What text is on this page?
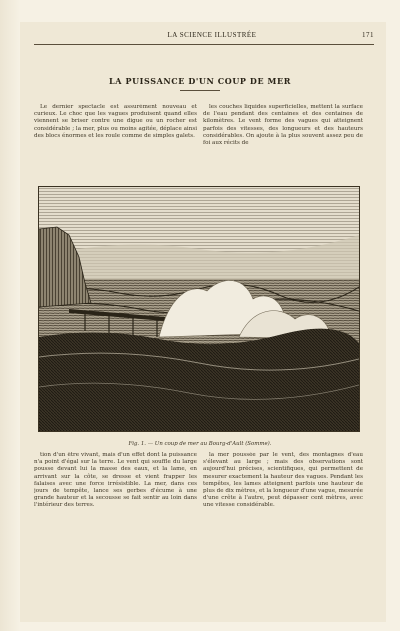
LA SCIENCE ILLUSTRÉE	171
LA PUISSANCE D'UN COUP DE MER

Le dernier spectacle est assurément nouveau et curieux. Le choc que les vagues produisent quand elles viennent se briser contre une digue ou un rocher est considérable ; la mer, plus ou moins agitée, déplace ainsi des blocs énormes et les roule comme de simples galets.

les couches liquides superficielles, mettent la surface de l'eau pendant des centaines et des centaines de kilomètres. Le vent forme des vagues qui atteignent parfois des vitesses, des longueurs et des hauteurs considérables. On ajoute à la plus souvent assez peu de foi aux récits de

Fig. 1. — Un coup de mer au Bourg-d'Ault (Somme).

tion d'un être vivant, mais d'un effet dont la puissance n'a point d'égal sur la terre. Le vent qui souffle du large pousse devant lui la masse des eaux, et la lame, en arrivant sur la côte, se dresse et vient frapper les falaises avec une force irrésistible. La mer, dans ces jours de tempête, lance ses gerbes d'écume à une grande hauteur et la secousse se fait sentir au loin dans l'intérieur des terres.

la mer poussée par le vent, des montagnes d'eau s'élevant au large ; mais des observations sont aujourd'hui précises, scientifiques, qui permettent de mesurer exactement la hauteur des vagues. Pendant les tempêtes, les lames atteignent parfois une hauteur de plus de dix mètres, et la longueur d'une vague, mesurée d'une crête à l'autre, peut dépasser cent mètres, avec une vitesse considérable.
